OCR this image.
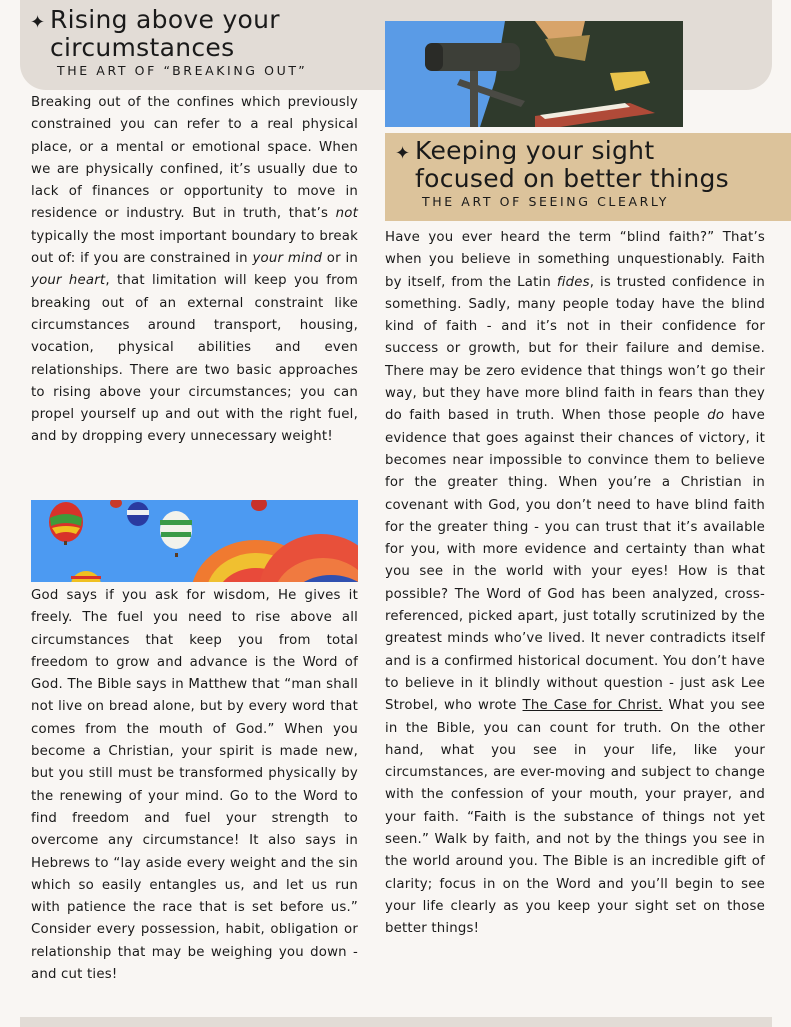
✦ Rising above your
circumstances
THE ART OF “BREAKING OUT”
✦ Keeping your sight
focused on better things
THE ART OF SEEING CLEARLY
Breaking out of the confines which previously constrained you can refer to a real physical place, or a mental or emotional space. When we are physically confined, it’s usually due to lack of finances or opportunity to move in residence or industry. But in truth, that’s not typically the most important boundary to break out of: if you are constrained in your mind or in your heart, that limitation will keep you from breaking out of an external constraint like circumstances around transport, housing, vocation, physical abilities and even relationships. There are two basic approaches to rising above your circumstances; you can propel yourself up and out with the right fuel, and by dropping every unnecessary weight!
God says if you ask for wisdom, He gives it freely. The fuel you need to rise above all circumstances that keep you from total freedom to grow and advance is the Word of God. The Bible says in Matthew that “man shall not live on bread alone, but by every word that comes from the mouth of God.” When you become a Christian, your spirit is made new, but you still must be transformed physically by the renewing of your mind. Go to the Word to find freedom and fuel your strength to overcome any circumstance! It also says in Hebrews to “lay aside every weight and the sin which so easily entangles us, and let us run with patience the race that is set before us.” Consider every possession, habit, obligation or relationship that may be weighing you down - and cut ties!
Have you ever heard the term “blind faith?” That’s when you believe in something unquestionably. Faith by itself, from the Latin fides, is trusted confidence in something. Sadly, many people today have the blind kind of faith - and it’s not in their confidence for success or growth, but for their failure and demise. There may be zero evidence that things won’t go their way, but they have more blind faith in fears than they do faith based in truth. When those people do have evidence that goes against their chances of victory, it becomes near impossible to convince them to believe for the greater thing. When you’re a Christian in covenant with God, you don’t need to have blind faith for the greater thing - you can trust that it’s available for you, with more evidence and certainty than what you see in the world with your eyes! How is that possible? The Word of God has been analyzed, cross-referenced, picked apart, just totally scrutinized by the greatest minds who’ve lived. It never contradicts itself and is a confirmed historical document. You don’t have to believe in it blindly without question - just ask Lee Strobel, who wrote The Case for Christ. What you see in the Bible, you can count for truth. On the other hand, what you see in your life, like your circumstances, are ever-moving and subject to change with the confession of your mouth, your prayer, and your faith. “Faith is the substance of things not yet seen.” Walk by faith, and not by the things you see in the world around you. The Bible is an incredible gift of clarity; focus in on the Word and you’ll begin to see your life clearly as you keep your sight set on those better things!
